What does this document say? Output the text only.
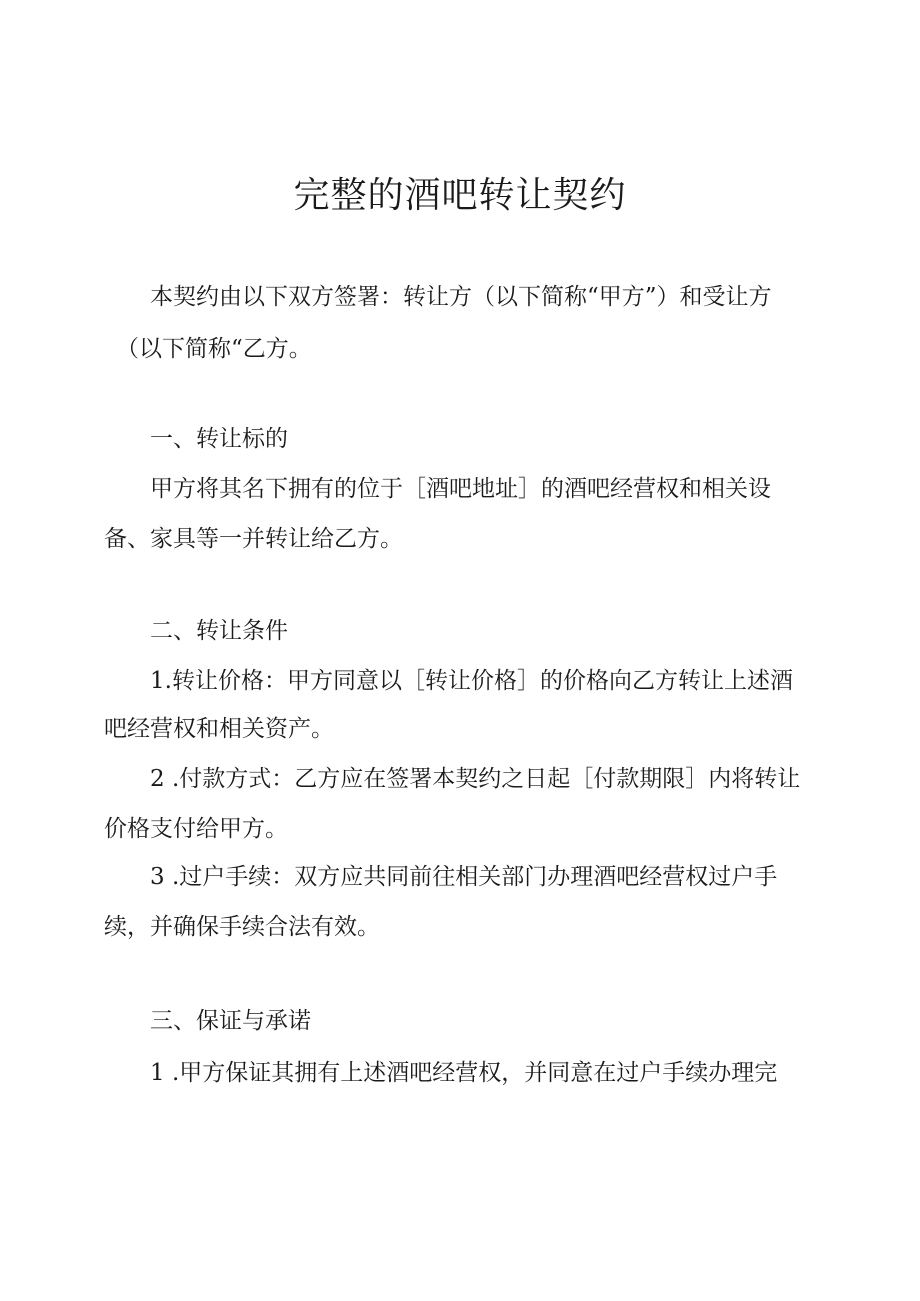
完整的酒吧转让契约

本契约由以下双方签署：转让方（以下简称“甲方”）和受让方

（以下简称“乙方。

一、转让标的

甲方将其名下拥有的位于［酒吧地址］的酒吧经营权和相关设

备、家具等一并转让给乙方。

二、转让条件

1.转让价格：甲方同意以［转让价格］的价格向乙方转让上述酒

吧经营权和相关资产。

2 .付款方式：乙方应在签署本契约之日起［付款期限］内将转让

价格支付给甲方。

3 .过户手续：双方应共同前往相关部门办理酒吧经营权过户手

续，并确保手续合法有效。

三、保证与承诺

1 .甲方保证其拥有上述酒吧经营权，并同意在过户手续办理完
